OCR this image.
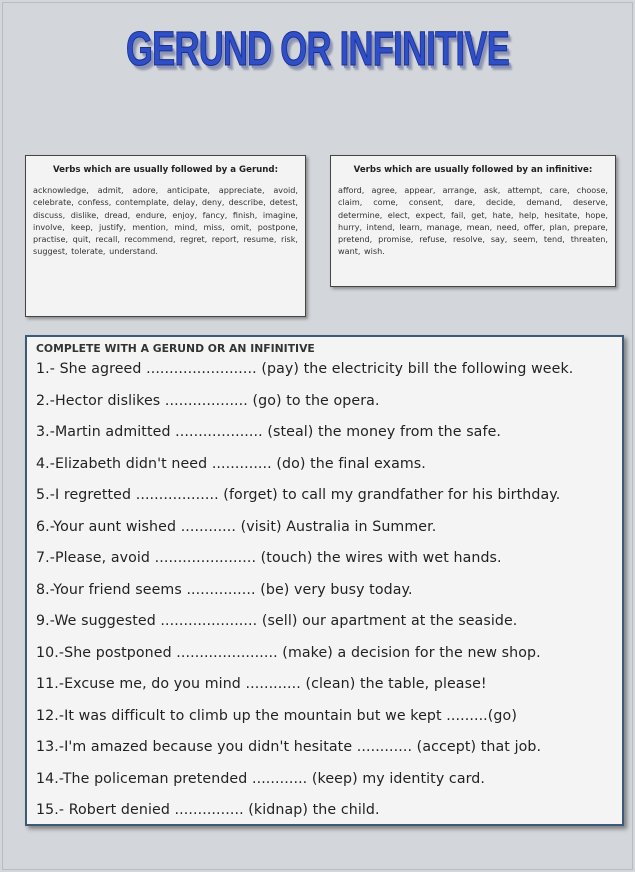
GERUND OR INFINITIVE
Verbs which are usually followed by a Gerund:
acknowledge, admit, adore, anticipate, appreciate, avoid, celebrate, confess, contemplate, delay, deny, describe, detest, discuss, dislike, dread, endure, enjoy, fancy, finish, imagine, involve, keep, justify, mention, mind, miss, omit, postpone, practise, quit, recall, recommend, regret, report, resume, risk, suggest, tolerate, understand.
Verbs which are usually followed by an infinitive:
afford, agree, appear, arrange, ask, attempt, care, choose, claim, come, consent, dare, decide, demand, deserve, determine, elect, expect, fail, get, hate, help, hesitate, hope, hurry, intend, learn, manage, mean, need, offer, plan, prepare, pretend, promise, refuse, resolve, say, seem, tend, threaten, want, wish.
COMPLETE WITH A GERUND OR AN INFINITIVE
1.- She agreed ........................ (pay) the electricity bill the following week.
2.-Hector dislikes .................. (go) to the opera.
3.-Martin admitted ................... (steal) the money from the safe.
4.-Elizabeth didn't need ............. (do) the final exams.
5.-I regretted .................. (forget) to call my grandfather for his birthday.
6.-Your aunt wished ............ (visit) Australia in Summer.
7.-Please, avoid ...................... (touch) the wires with wet hands.
8.-Your friend seems ............... (be) very busy today.
9.-We suggested ..................... (sell) our apartment at the seaside.
10.-She postponed ...................... (make) a decision for the new shop.
11.-Excuse me, do you mind ............ (clean) the table, please!
12.-It was difficult to climb up the mountain but we kept .........(go)
13.-I'm amazed because you didn't hesitate ............ (accept) that job.
14.-The policeman pretended ............ (keep) my identity card.
15.- Robert denied ............... (kidnap) the child.
